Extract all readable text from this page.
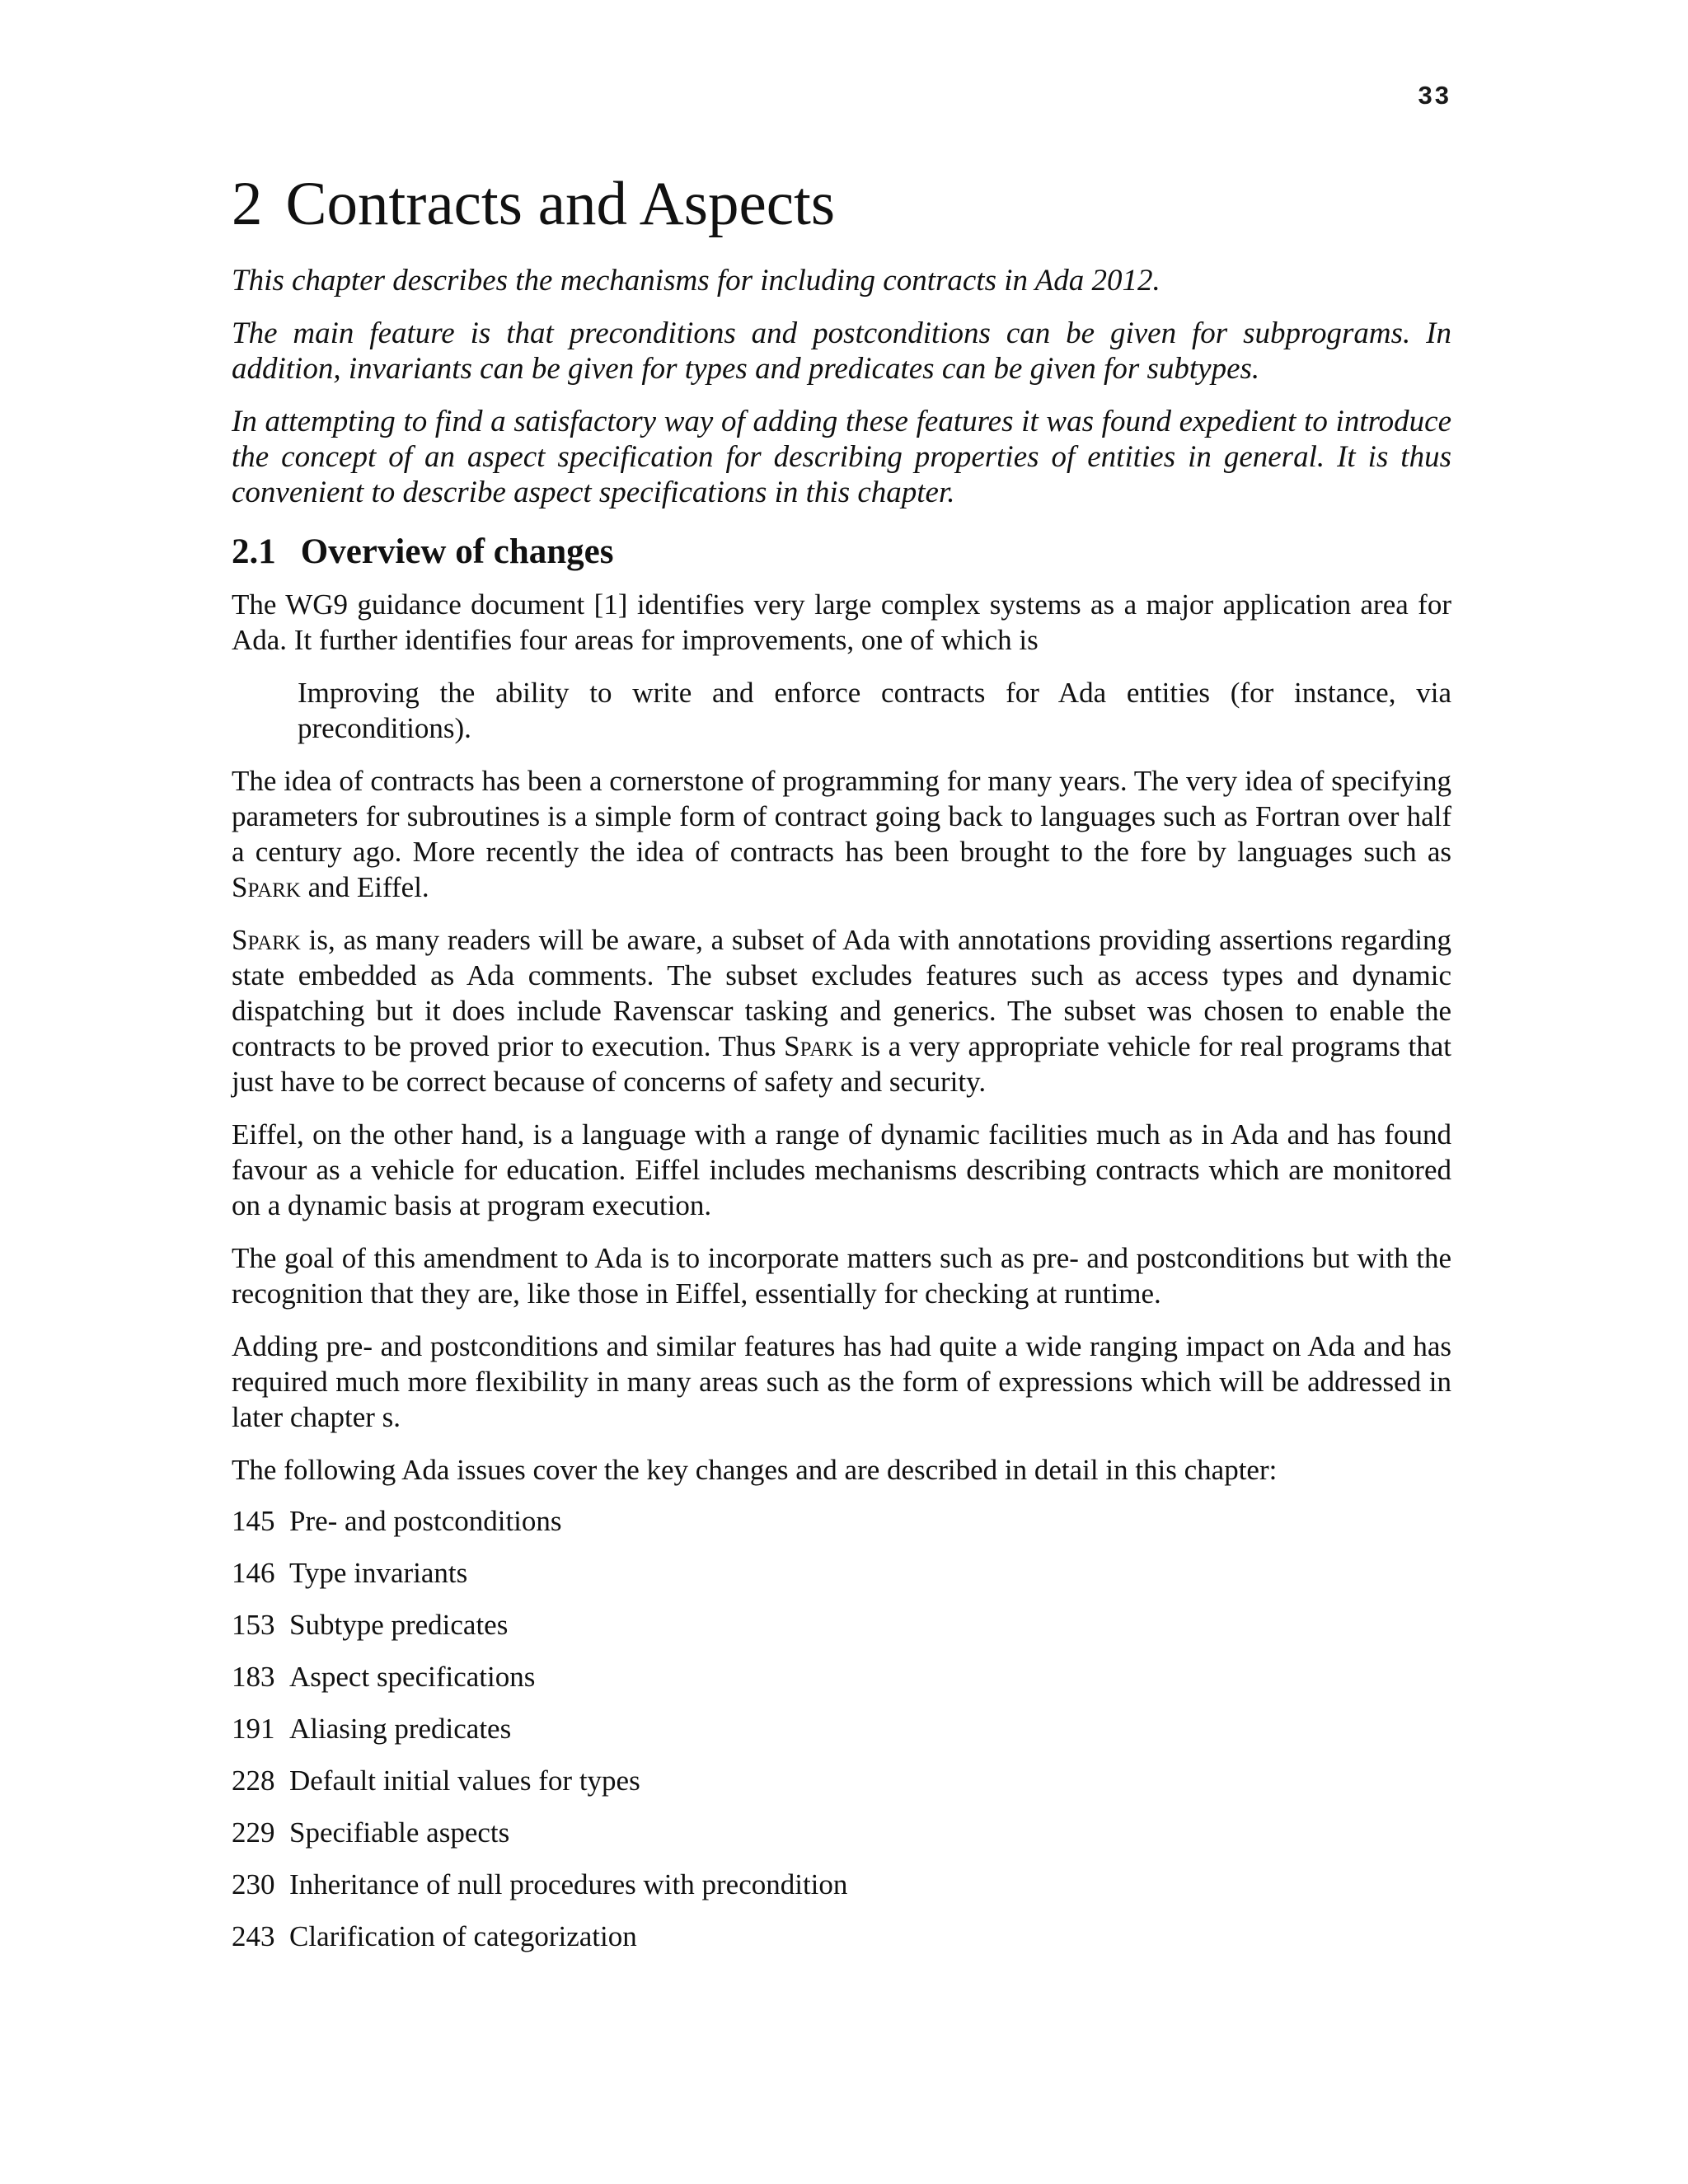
33
2 Contracts and Aspects

This chapter describes the mechanisms for including contracts in Ada 2012.

The main feature is that preconditions and postconditions can be given for subprograms. In addition, invariants can be given for types and predicates can be given for subtypes.

In attempting to find a satisfactory way of adding these features it was found expedient to introduce the concept of an aspect specification for describing properties of entities in general. It is thus convenient to describe aspect specifications in this chapter.

2.1 Overview of changes

The WG9 guidance document [1] identifies very large complex systems as a major application area for Ada. It further identifies four areas for improvements, one of which is

Improving the ability to write and enforce contracts for Ada entities (for instance, via preconditions).

The idea of contracts has been a cornerstone of programming for many years. The very idea of specifying parameters for subroutines is a simple form of contract going back to languages such as Fortran over half a century ago. More recently the idea of contracts has been brought to the fore by languages such as Spark and Eiffel.

Spark is, as many readers will be aware, a subset of Ada with annotations providing assertions regarding state embedded as Ada comments. The subset excludes features such as access types and dynamic dispatching but it does include Ravenscar tasking and generics. The subset was chosen to enable the contracts to be proved prior to execution. Thus Spark is a very appropriate vehicle for real programs that just have to be correct because of concerns of safety and security.

Eiffel, on the other hand, is a language with a range of dynamic facilities much as in Ada and has found favour as a vehicle for education. Eiffel includes mechanisms describing contracts which are monitored on a dynamic basis at program execution.

The goal of this amendment to Ada is to incorporate matters such as pre- and postconditions but with the recognition that they are, like those in Eiffel, essentially for checking at runtime.

Adding pre- and postconditions and similar features has had quite a wide ranging impact on Ada and has required much more flexibility in many areas such as the form of expressions which will be addressed in later chapter s.

The following Ada issues cover the key changes and are described in detail in this chapter:

145 Pre- and postconditions
146 Type invariants
153 Subtype predicates
183 Aspect specifications
191 Aliasing predicates
228 Default initial values for types
229 Specifiable aspects
230 Inheritance of null procedures with precondition
243 Clarification of categorization
